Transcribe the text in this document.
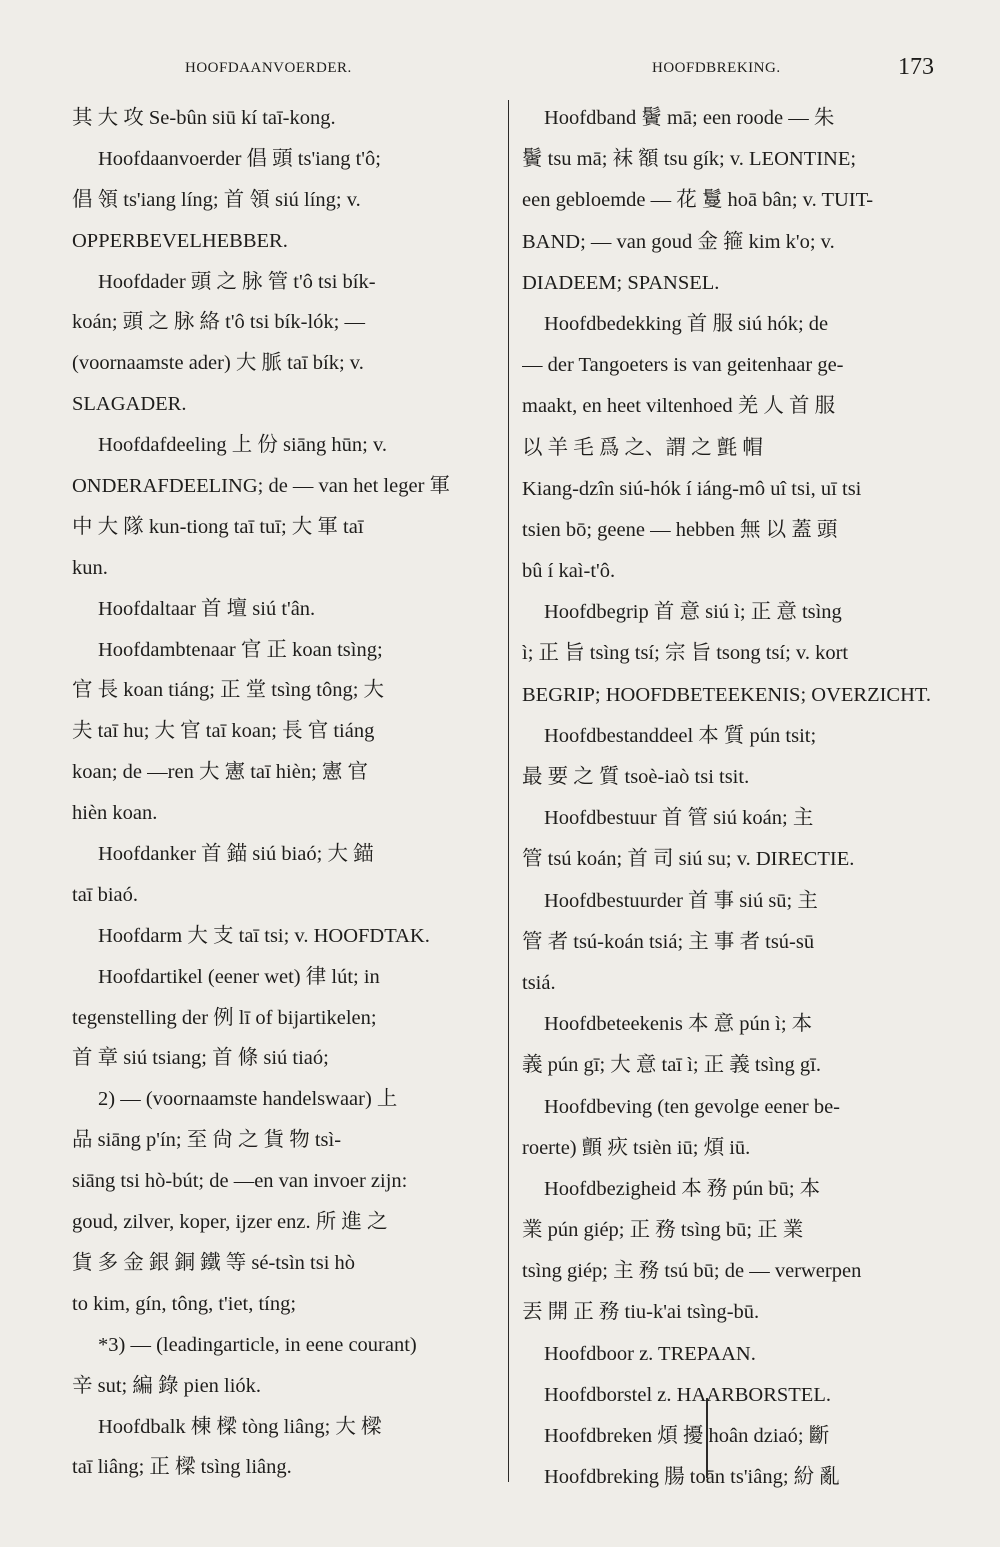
HOOFDAANVOERDER.	HOOFDBREKING.	173
其 大 攻 Se-bûn siū kí taī-kong.
Hoofdaanvoerder 倡 頭 ts'iang t'ô;
倡 領 ts'iang líng; 首 領 siú líng; v.
OPPERBEVELHEBBER.
Hoofdader 頭 之 脉 管 t'ô tsi bík-
koán; 頭 之 脉 絡 t'ô tsi bík-lók; —
(voornaamste ader) 大 脈 taī bík; v.
SLAGADER.
Hoofdafdeeling 上 份 siāng hūn; v.
ONDERAFDEELING; de — van het leger 軍
中 大 隊 kun-tiong taī tuī; 大 軍 taī
kun.
Hoofdaltaar 首 壇 siú t'ân.
Hoofdambtenaar 官 正 koan tsìng;
官 長 koan tiáng; 正 堂 tsìng tông; 大
夫 taī hu; 大 官 taī koan; 長 官 tiáng
koan; de —ren 大 憲 taī hièn; 憲 官
hièn koan.
Hoofdanker 首 錨 siú biaó; 大 錨
taī biaó.
Hoofdarm 大 支 taī tsi; v. HOOFDTAK.
Hoofdartikel (eener wet) 律 lút; in
tegenstelling der 例 lī of bijartikelen;
首 章 siú tsiang; 首 條 siú tiaó;
2) — (voornaamste handelswaar) 上
品 siāng p'ín; 至 尙 之 貨 物 tsì-
siāng tsi hò-bút; de —en van invoer zijn:
goud, zilver, koper, ijzer enz. 所 進 之
貨 多 金 銀 銅 鐵 等 sé-tsìn tsi hò
to kim, gín, tông, t'iet, tíng;
*3) — (leadingarticle, in eene courant)
辛 sut; 編 錄 pien liók.
Hoofdbalk 棟 樑 tòng liâng; 大 樑
taī liâng; 正 樑 tsìng liâng.
Hoofdband 鬢 mā; een roode — 朱
鬢 tsu mā; 袜 額 tsu gík; v. LEONTINE;
een gebloemde — 花 鬘 hoā bân; v. TUIT-
BAND; — van goud 金 箍 kim k'o; v.
DIADEEM; SPANSEL.
Hoofdbedekking 首 服 siú hók; de
— der Tangoeters is van geitenhaar ge-
maakt, en heet viltenhoed 羌 人 首 服
以 羊 毛 爲 之、謂 之 氈 帽
Kiang-dzîn siú-hók í iáng-mô uî tsi, uī tsi
tsien bō; geene — hebben 無 以 蓋 頭
bû í kaì-t'ô.
Hoofdbegrip 首 意 siú ì; 正 意 tsìng
ì; 正 旨 tsìng tsí; 宗 旨 tsong tsí; v. kort
BEGRIP; HOOFDBETEEKENIS; OVERZICHT.
Hoofdbestanddeel 本 質 pún tsit;
最 要 之 質 tsoè-iaò tsi tsit.
Hoofdbestuur 首 管 siú koán; 主
管 tsú koán; 首 司 siú su; v. DIRECTIE.
Hoofdbestuurder 首 事 siú sū; 主
管 者 tsú-koán tsiá; 主 事 者 tsú-sū
tsiá.
Hoofdbeteekenis 本 意 pún ì; 本
義 pún gī; 大 意 taī ì; 正 義 tsìng gī.
Hoofdbeving (ten gevolge eener be-
roerte) 顫 疢 tsièn iū; 煩 iū.
Hoofdbezigheid 本 務 pún bū; 本
業 pún giép; 正 務 tsìng bū; 正 業
tsìng giép; 主 務 tsú bū; de — verwerpen
丟 開 正 務 tiu-k'ai tsìng-bū.
Hoofdboor z. TREPAAN.
Hoofdborstel z. HAARBORSTEL.
Hoofdbreken 煩 擾 hoân dziaó; 斷
Hoofdbreking 腸 toān ts'iâng; 紛 亂
